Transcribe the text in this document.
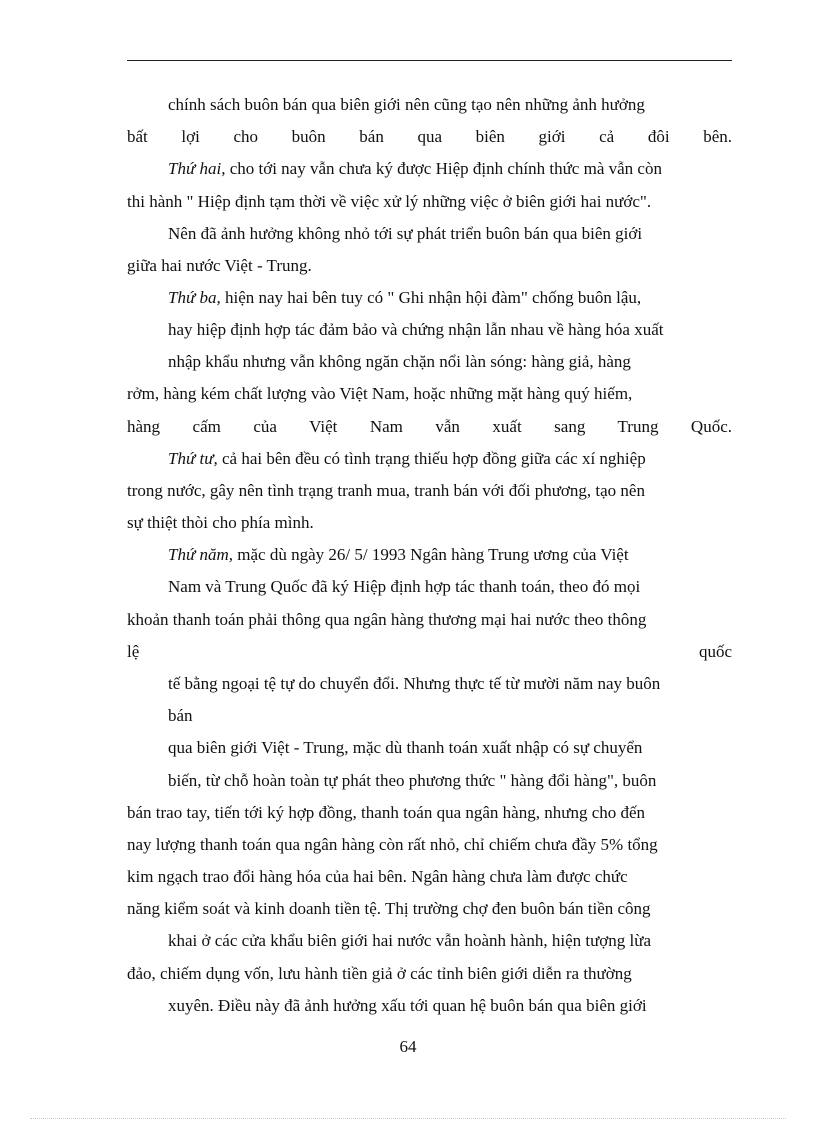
chính sách buôn bán qua biên giới nên cũng tạo nên những ảnh hưởng
bất lợi cho buôn bán qua biên giới cả đôi bên.
Thứ hai, cho tới nay vẫn chưa ký được Hiệp định chính thức mà vẫn còn
thi hành " Hiệp định tạm thời về việc xử lý những việc ở biên giới hai nước".
Nên đã ảnh hưởng không nhỏ tới sự phát triển buôn bán qua biên giới
giữa hai nước Việt - Trung.
Thứ ba, hiện nay hai bên tuy có " Ghi nhận hội đàm" chống buôn lậu,
hay hiệp định hợp tác đảm bảo và chứng nhận lẫn nhau về hàng hóa xuất
nhập khẩu nhưng vẫn không ngăn chặn nổi làn sóng: hàng giả, hàng
rởm, hàng kém chất lượng vào Việt Nam, hoặc những mặt hàng quý hiếm,
hàng cấm của Việt Nam vẫn xuất sang Trung Quốc.
Thứ tư, cả hai bên đều có tình trạng thiếu hợp đồng giữa các xí nghiệp
trong nước, gây nên tình trạng tranh mua, tranh bán với đối phương, tạo nên
sự thiệt thòi cho phía mình.
Thứ năm, mặc dù ngày 26/ 5/ 1993 Ngân hàng Trung ương của Việt
Nam và Trung Quốc đã ký Hiệp định hợp tác thanh toán, theo đó mọi
khoản thanh toán phải thông qua ngân hàng thương mại hai nước theo thông
lệ	quốc
tế bằng ngoại tệ tự do chuyển đổi. Nhưng thực tế từ mười năm nay buôn
bán
qua biên giới Việt - Trung, mặc dù thanh toán xuất nhập có sự chuyển
biến, từ chỗ hoàn toàn tự phát theo phương thức " hàng đổi hàng", buôn
bán trao tay, tiến tới ký hợp đồng, thanh toán qua ngân hàng, nhưng cho đến
nay lượng thanh toán qua ngân hàng còn rất nhỏ, chỉ chiếm chưa đầy 5% tổng
kim ngạch trao đổi hàng hóa của hai bên. Ngân hàng chưa làm được chức
năng kiểm soát và kinh doanh tiền tệ. Thị trường chợ đen buôn bán tiền công
khai ở các cửa khẩu biên giới hai nước vẫn hoành hành, hiện tượng lừa
đảo, chiếm dụng vốn, lưu hành tiền giả ở các tỉnh biên giới diễn ra thường
xuyên. Điều này đã ảnh hưởng xấu tới quan hệ buôn bán qua biên giới
64
